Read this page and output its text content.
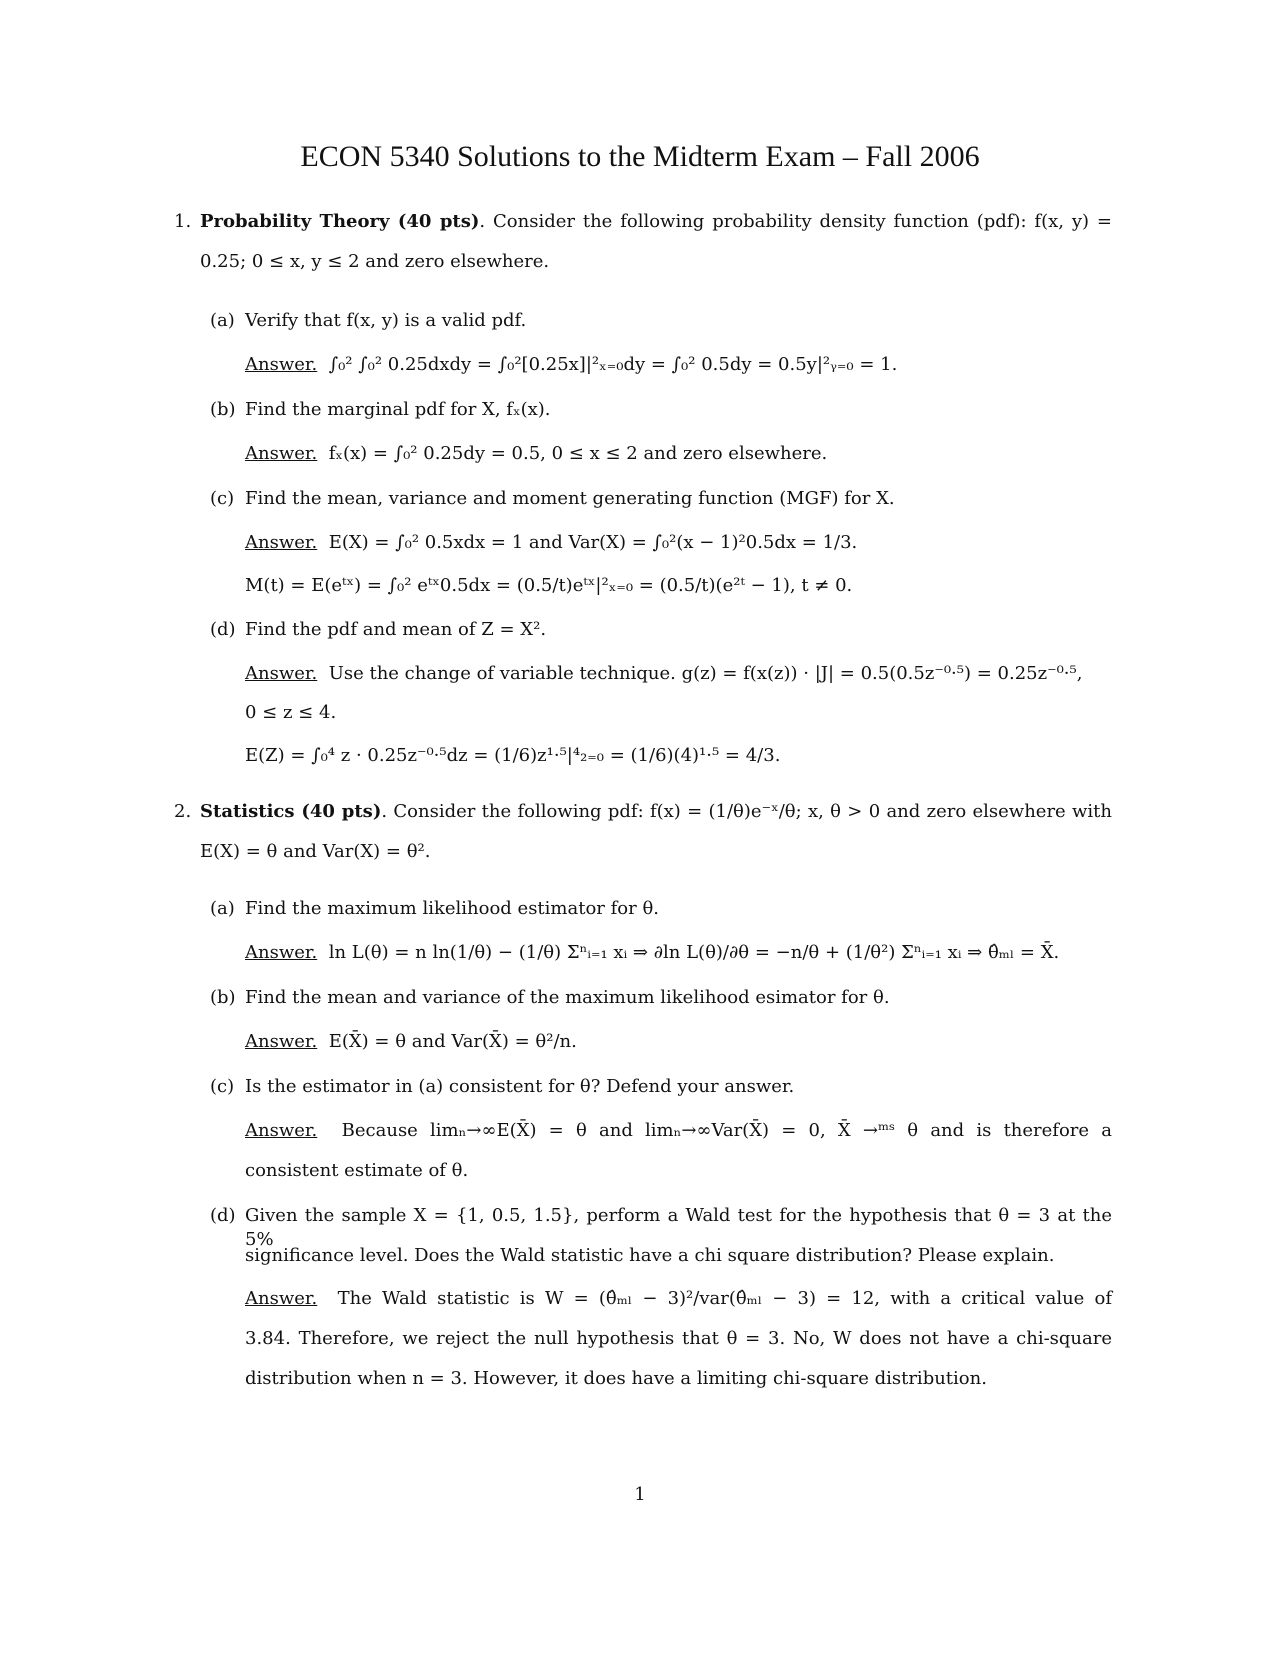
ECON 5340 Solutions to the Midterm Exam – Fall 2006
1. Probability Theory (40 pts). Consider the following probability density function (pdf): f(x, y) =
0.25; 0 ≤ x, y ≤ 2 and zero elsewhere.
(a) Verify that f(x, y) is a valid pdf.
Answer. ∫₀² ∫₀² 0.25dxdy = ∫₀²[0.25x]|²ₓ₌₀dy = ∫₀² 0.5dy = 0.5y|²ᵧ₌₀ = 1.
(b) Find the marginal pdf for X, fₓ(x).
Answer. fₓ(x) = ∫₀² 0.25dy = 0.5, 0 ≤ x ≤ 2 and zero elsewhere.
(c) Find the mean, variance and moment generating function (MGF) for X.
Answer. E(X) = ∫₀² 0.5xdx = 1 and Var(X) = ∫₀²(x − 1)²0.5dx = 1/3.
M(t) = E(eᵗˣ) = ∫₀² eᵗˣ0.5dx = (0.5/t)eᵗˣ|²ₓ₌₀ = (0.5/t)(e²ᵗ − 1), t ≠ 0.
(d) Find the pdf and mean of Z = X².
Answer. Use the change of variable technique. g(z) = f(x(z)) · |J| = 0.5(0.5z⁻⁰·⁵) = 0.25z⁻⁰·⁵,
0 ≤ z ≤ 4.
E(Z) = ∫₀⁴ z · 0.25z⁻⁰·⁵dz = (1/6)z¹·⁵|⁴₂₌₀ = (1/6)(4)¹·⁵ = 4/3.
2. Statistics (40 pts). Consider the following pdf: f(x) = (1/θ)e⁻ˣ/θ; x, θ > 0 and zero elsewhere with
E(X) = θ and Var(X) = θ².
(a) Find the maximum likelihood estimator for θ.
Answer. ln L(θ) = n ln(1/θ) − (1/θ) Σⁿᵢ₌₁ xᵢ ⇒ ∂ln L(θ)/∂θ = −n/θ + (1/θ²) Σⁿᵢ₌₁ xᵢ ⇒ θ̂ₘₗ = X̄.
(b) Find the mean and variance of the maximum likelihood esimator for θ.
Answer. E(X̄) = θ and Var(X̄) = θ²/n.
(c) Is the estimator in (a) consistent for θ? Defend your answer.
Answer. Because limₙ→∞E(X̄) = θ and limₙ→∞Var(X̄) = 0, X̄ →ᵐˢ θ and is therefore a
consistent estimate of θ.
(d) Given the sample X = {1, 0.5, 1.5}, perform a Wald test for the hypothesis that θ = 3 at the 5%
significance level. Does the Wald statistic have a chi square distribution? Please explain.
Answer. The Wald statistic is W = (θ̂ₘₗ − 3)²/var(θ̂ₘₗ − 3) = 12, with a critical value of
3.84. Therefore, we reject the null hypothesis that θ = 3. No, W does not have a chi-square
distribution when n = 3. However, it does have a limiting chi-square distribution.
1
